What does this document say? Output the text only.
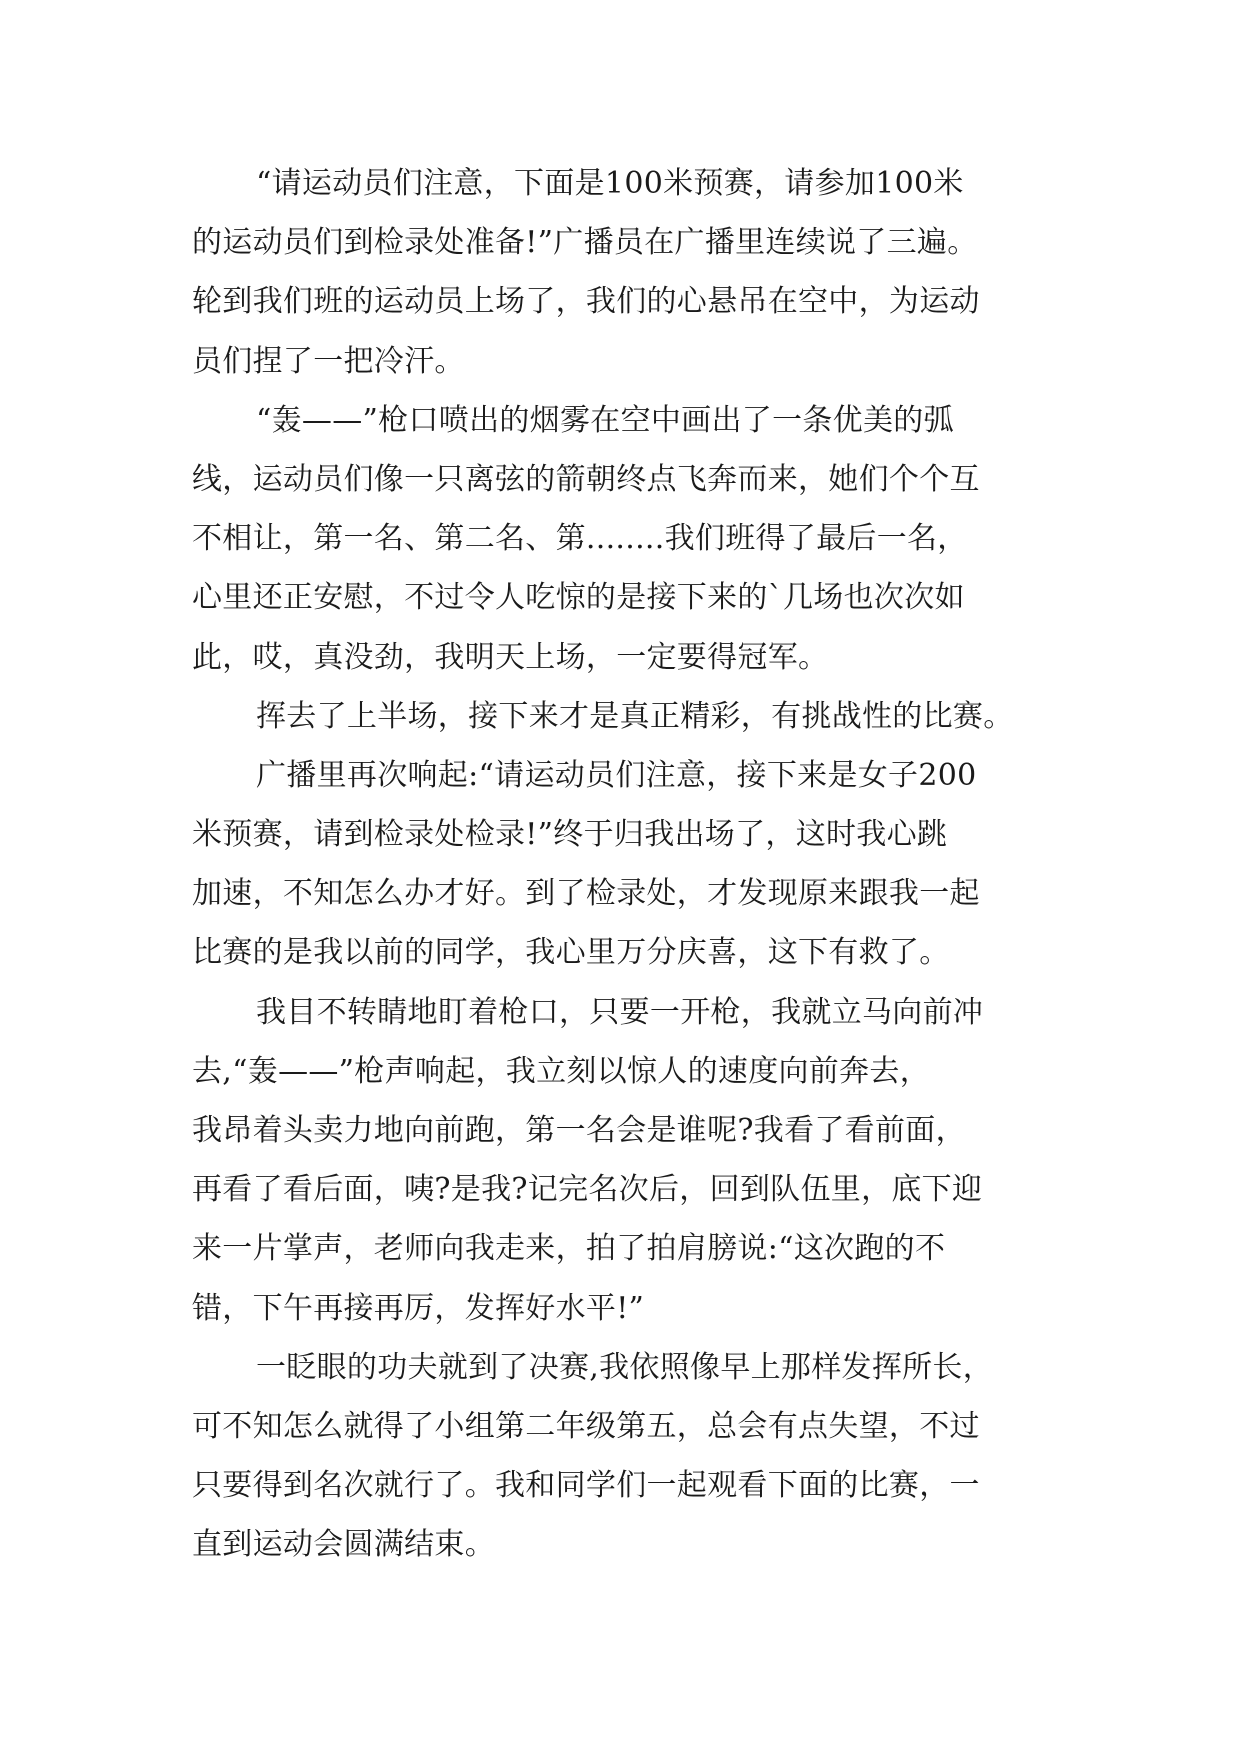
“请运动员们注意，下面是100米预赛，请参加100米
的运动员们到检录处准备!”广播员在广播里连续说了三遍。
轮到我们班的运动员上场了，我们的心悬吊在空中，为运动
员们捏了一把冷汗。
“轰——”枪口喷出的烟雾在空中画出了一条优美的弧
线，运动员们像一只离弦的箭朝终点飞奔而来，她们个个互
不相让，第一名、第二名、第........我们班得了最后一名，
心里还正安慰，不过令人吃惊的是接下来的`几场也次次如
此，哎，真没劲，我明天上场，一定要得冠军。
挥去了上半场，接下来才是真正精彩，有挑战性的比赛。
广播里再次响起:“请运动员们注意，接下来是女子200
米预赛，请到检录处检录!”终于归我出场了，这时我心跳
加速，不知怎么办才好。到了检录处，才发现原来跟我一起
比赛的是我以前的同学，我心里万分庆喜，这下有救了。
我目不转睛地盯着枪口，只要一开枪，我就立马向前冲
去,“轰——”枪声响起，我立刻以惊人的速度向前奔去，
我昂着头卖力地向前跑，第一名会是谁呢?我看了看前面，
再看了看后面，咦?是我?记完名次后，回到队伍里，底下迎
来一片掌声，老师向我走来，拍了拍肩膀说:“这次跑的不
错，下午再接再厉，发挥好水平!”
一眨眼的功夫就到了决赛,我依照像早上那样发挥所长，
可不知怎么就得了小组第二年级第五，总会有点失望，不过
只要得到名次就行了。我和同学们一起观看下面的比赛，一
直到运动会圆满结束。
